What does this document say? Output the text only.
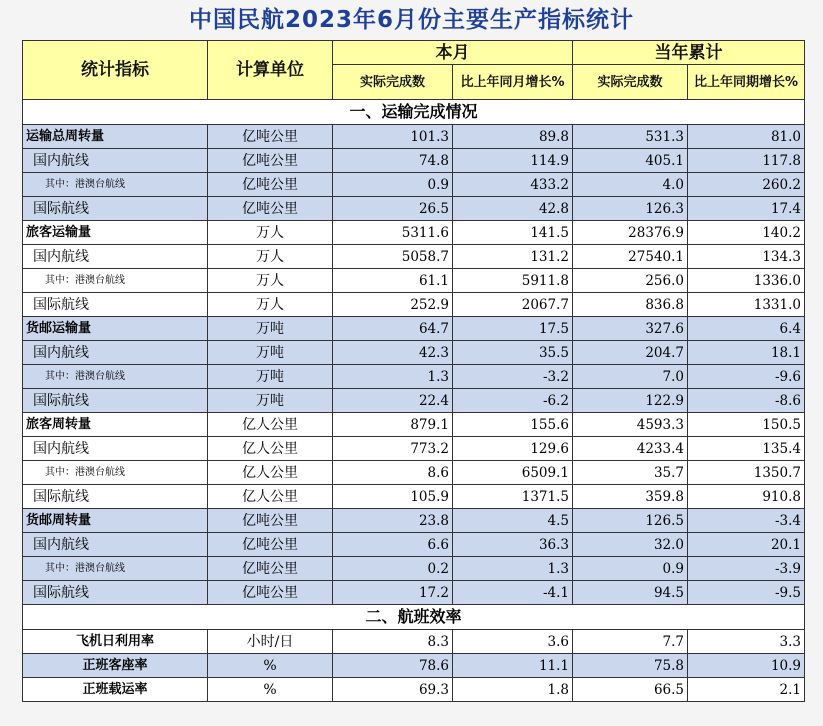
中国民航2023年6月份主要生产指标统计
统计指标	计算单位	本月		当年累计	
		实际完成数	比上年同月增长%	实际完成数	比上年同期增长%
一、运输完成情况					
运输总周转量	亿吨公里	101.3	89.8	531.3	81.0
国内航线	亿吨公里	74.8	114.9	405.1	117.8
其中：港澳台航线	亿吨公里	0.9	433.2	4.0	260.2
国际航线	亿吨公里	26.5	42.8	126.3	17.4
旅客运输量	万人	5311.6	141.5	28376.9	140.2
国内航线	万人	5058.7	131.2	27540.1	134.3
其中：港澳台航线	万人	61.1	5911.8	256.0	1336.0
国际航线	万人	252.9	2067.7	836.8	1331.0
货邮运输量	万吨	64.7	17.5	327.6	6.4
国内航线	万吨	42.3	35.5	204.7	18.1
其中：港澳台航线	万吨	1.3	-3.2	7.0	-9.6
国际航线	万吨	22.4	-6.2	122.9	-8.6
旅客周转量	亿人公里	879.1	155.6	4593.3	150.5
国内航线	亿人公里	773.2	129.6	4233.4	135.4
其中：港澳台航线	亿人公里	8.6	6509.1	35.7	1350.7
国际航线	亿人公里	105.9	1371.5	359.8	910.8
货邮周转量	亿吨公里	23.8	4.5	126.5	-3.4
国内航线	亿吨公里	6.6	36.3	32.0	20.1
其中：港澳台航线	亿吨公里	0.2	1.3	0.9	-3.9
国际航线	亿吨公里	17.2	-4.1	94.5	-9.5
二、航班效率					
飞机日利用率	小时/日	8.3	3.6	7.7	3.3
正班客座率	%	78.6	11.1	75.8	10.9
正班载运率	%	69.3	1.8	66.5	2.1
